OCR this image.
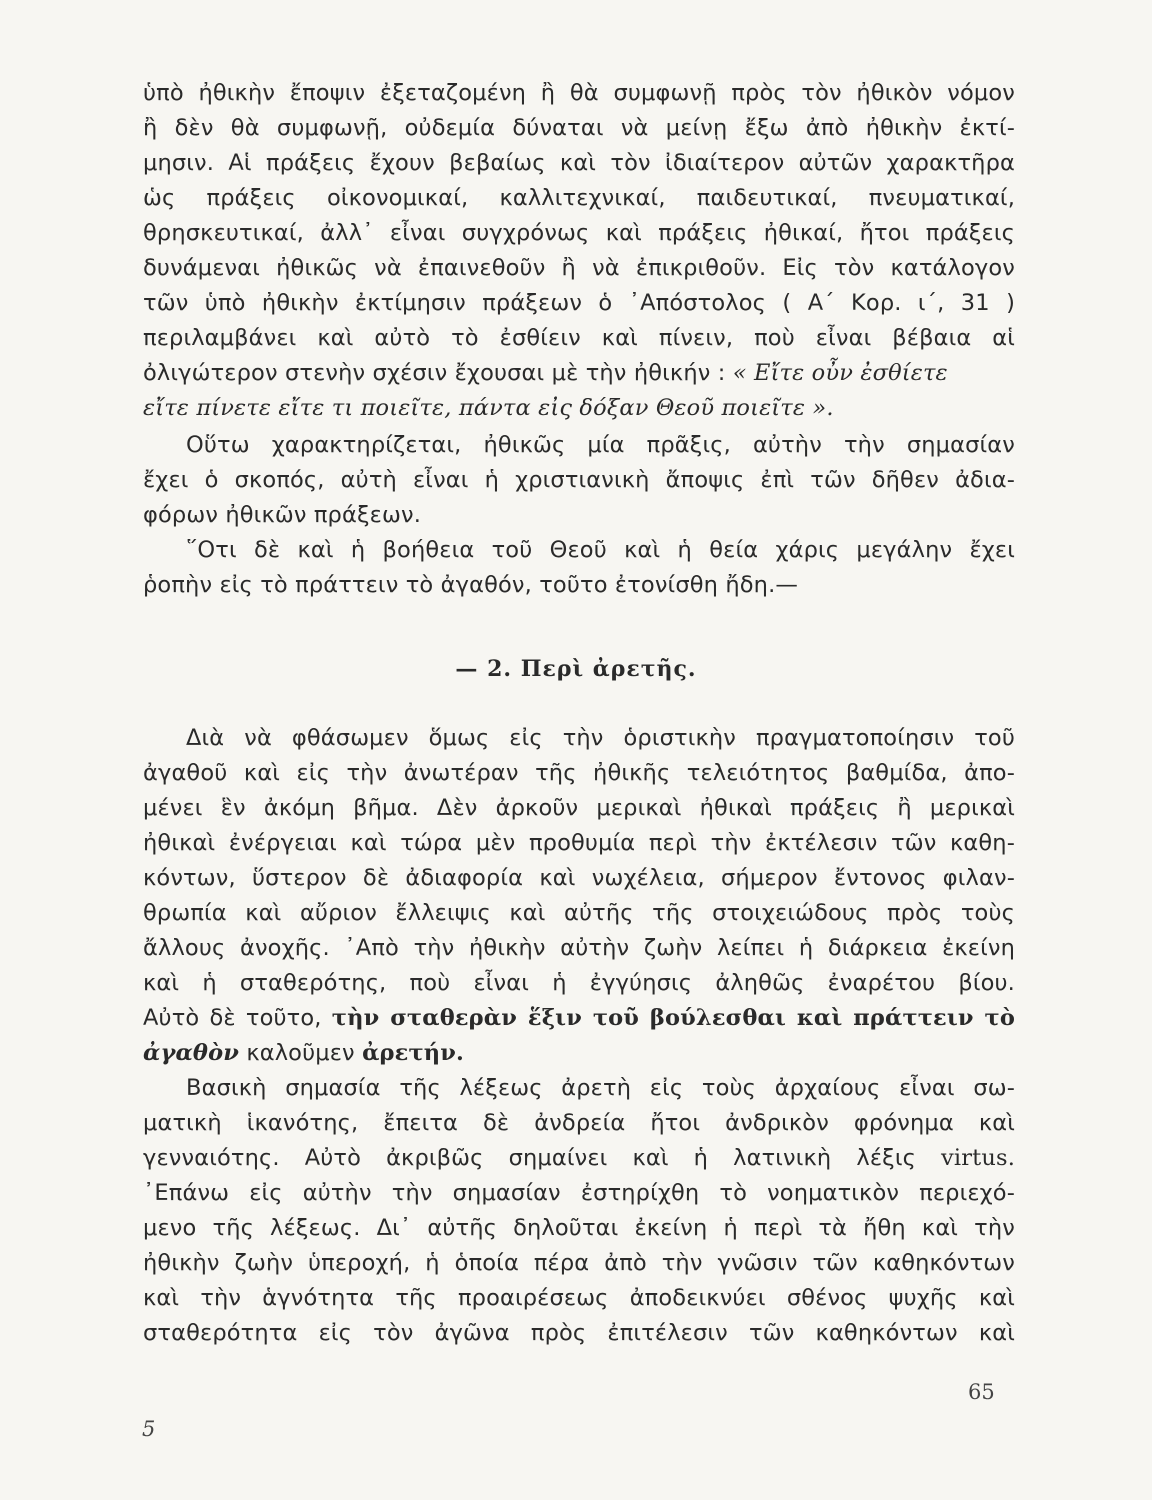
ὑπὸ ἠθικὴν ἔποψιν ἐξεταζομένη ἢ θὰ συμφωνῇ πρὸς τὸν ἠθικὸν νόμον
ἢ δὲν θὰ συμφωνῇ, οὐδεμία δύναται νὰ μείνῃ ἔξω ἀπὸ ἠθικὴν ἐκτί-
μησιν. Αἱ πράξεις ἔχουν βεβαίως καὶ τὸν ἰδιαίτερον αὐτῶν χαρακτῆρα
ὡς πράξεις οἰκονομικαί, καλλιτεχνικαί, παιδευτικαί, πνευματικαί,
θρησκευτικαί, ἀλλ᾽ εἶναι συγχρόνως καὶ πράξεις ἠθικαί, ἤτοι πράξεις
δυνάμεναι ἠθικῶς νὰ ἐπαινεθοῦν ἢ νὰ ἐπικριθοῦν. Εἰς τὸν κατάλογον
τῶν ὑπὸ ἠθικὴν ἐκτίμησιν πράξεων ὁ ᾿Απόστολος ( Α΄ Κορ. ι΄, 31 )
περιλαμβάνει καὶ αὐτὸ τὸ ἐσθίειν καὶ πίνειν, ποὺ εἶναι βέβαια αἱ
ὀλιγώτερον στενὴν σχέσιν ἔχουσαι μὲ τὴν ἠθικήν : « Εἴτε οὖν ἐσθίετε
εἴτε πίνετε εἴτε τι ποιεῖτε, πάντα εἰς δόξαν Θεοῦ ποιεῖτε ».
Οὕτω χαρακτηρίζεται, ἠθικῶς μία πρᾶξις, αὐτὴν τὴν σημασίαν
ἔχει ὁ σκοπός, αὐτὴ εἶναι ἡ χριστιανικὴ ἄποψις ἐπὶ τῶν δῆθεν ἀδια-
φόρων ἠθικῶν πράξεων.
῞Οτι δὲ καὶ ἡ βοήθεια τοῦ Θεοῦ καὶ ἡ θεία χάρις μεγάλην ἔχει
ῥοπὴν εἰς τὸ πράττειν τὸ ἀγαθόν, τοῦτο ἐτονίσθη ἤδη.—
— 2. Περὶ ἀρετῆς.
Διὰ νὰ φθάσωμεν ὅμως εἰς τὴν ὁριστικὴν πραγματοποίησιν τοῦ
ἀγαθοῦ καὶ εἰς τὴν ἀνωτέραν τῆς ἠθικῆς τελειότητος βαθμίδα, ἀπο-
μένει ἓν ἀκόμη βῆμα. Δὲν ἀρκοῦν μερικαὶ ἠθικαὶ πράξεις ἢ μερικαὶ
ἠθικαὶ ἐνέργειαι καὶ τώρα μὲν προθυμία περὶ τὴν ἐκτέλεσιν τῶν καθη-
κόντων, ὕστερον δὲ ἀδιαφορία καὶ νωχέλεια, σήμερον ἔντονος φιλαν-
θρωπία καὶ αὔριον ἔλλειψις καὶ αὐτῆς τῆς στοιχειώδους πρὸς τοὺς
ἄλλους ἀνοχῆς. ᾿Απὸ τὴν ἠθικὴν αὐτὴν ζωὴν λείπει ἡ διάρκεια ἐκείνη
καὶ ἡ σταθερότης, ποὺ εἶναι ἡ ἐγγύησις ἀληθῶς ἐναρέτου βίου.
Αὐτὸ δὲ τοῦτο, τὴν σταθερὰν ἕξιν τοῦ βούλεσθαι καὶ πράττειν τὸ
ἀγαθὸν καλοῦμεν ἀρετήν.
Βασικὴ σημασία τῆς λέξεως ἀρετὴ εἰς τοὺς ἀρχαίους εἶναι σω-
ματικὴ ἱκανότης, ἔπειτα δὲ ἀνδρεία ἤτοι ἀνδρικὸν φρόνημα καὶ
γενναιότης. Αὐτὸ ἀκριβῶς σημαίνει καὶ ἡ λατινικὴ λέξις virtus.
᾿Επάνω εἰς αὐτὴν τὴν σημασίαν ἐστηρίχθη τὸ νοηματικὸν περιεχό-
μενο τῆς λέξεως. Δι᾽ αὐτῆς δηλοῦται ἐκείνη ἡ περὶ τὰ ἤθη καὶ τὴν
ἠθικὴν ζωὴν ὑπεροχή, ἡ ὁποία πέρα ἀπὸ τὴν γνῶσιν τῶν καθηκόντων
καὶ τὴν ἁγνότητα τῆς προαιρέσεως ἀποδεικνύει σθένος ψυχῆς καὶ
σταθερότητα εἰς τὸν ἀγῶνα πρὸς ἐπιτέλεσιν τῶν καθηκόντων καὶ
65
5
